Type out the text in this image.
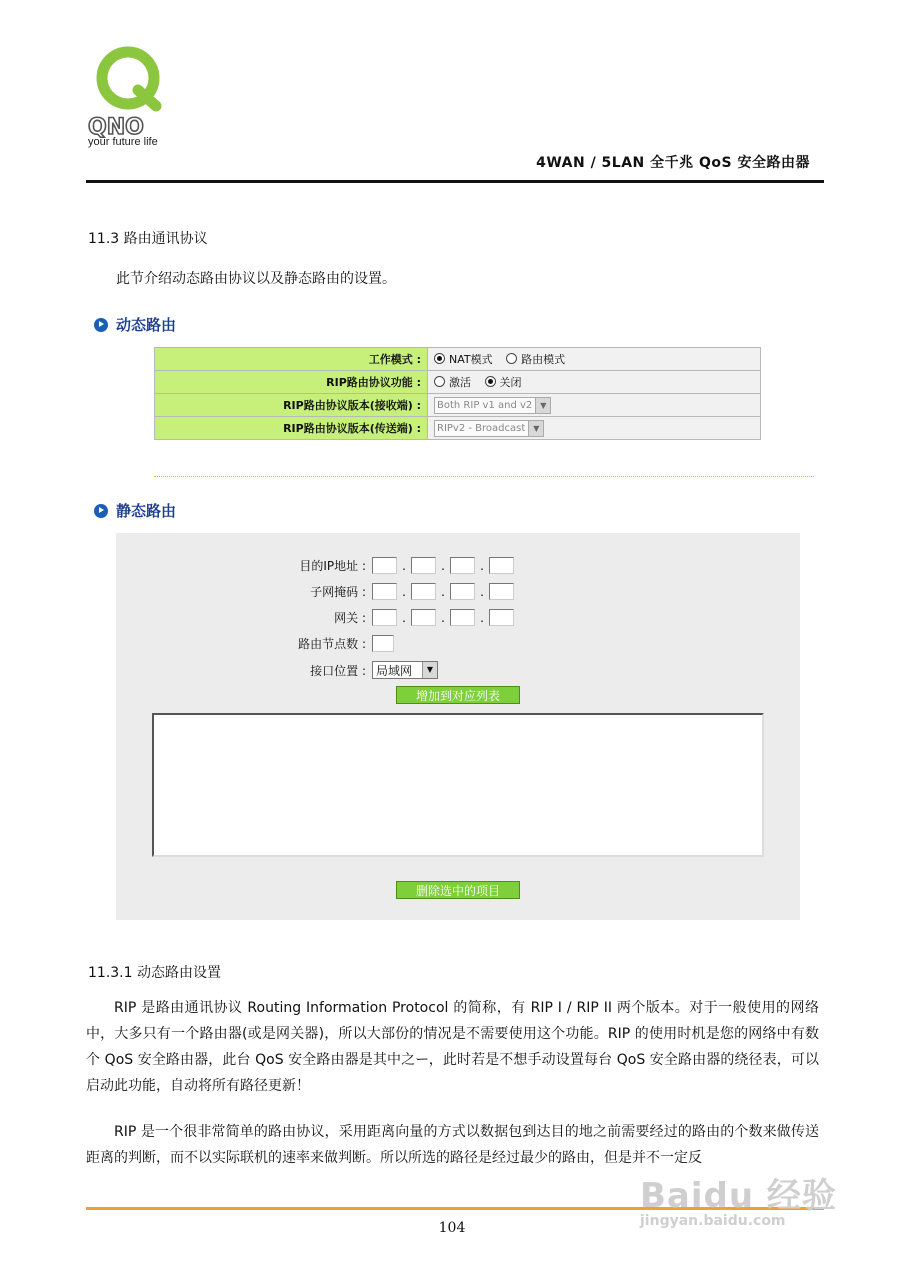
QNO
your future life
4WAN / 5LAN 全千兆 QoS 安全路由器
11.3 路由通讯协议
此节介绍动态路由协议以及静态路由的设置。
动态路由
工作模式 :	NAT模式 路由模式
RIP路由协议功能 :	激活 关闭
RIP路由协议版本(接收端) :	Both RIP v1 and v2 ▼

RIP路由协议版本(传送端) :	RIPv2 - Broadcast ▼
静态路由
目的IP地址 :	.	.	.
子网掩码 :	.	.	.
网关 :	.	.	.
路由节点数 :
接口位置 : 局域网	▼
增加到对应列表
删除选中的项目
11.3.1 动态路由设置
RIP 是路由通讯协议 Routing Information Protocol 的简称，有 RIP I / RIP II 两个版本。对于一般使用的网络中，大多只有一个路由器(或是网关器)，所以大部份的情况是不需要使用这个功能。RIP 的使用时机是您的网络中有数个 QoS 安全路由器，此台 QoS 安全路由器是其中之ー，此时若是不想手动设置每台 QoS 安全路由器的绕径表，可以启动此功能，自动将所有路径更新！
RIP 是一个很非常简单的路由协议，采用距离向量的方式以数据包到达目的地之前需要经过的路由的个数来做传送距离的判断，而不以实际联机的速率来做判断。所以所选的路径是经过最少的路由，但是并不一定反
104
Baidu 经验
jingyan.baidu.com
